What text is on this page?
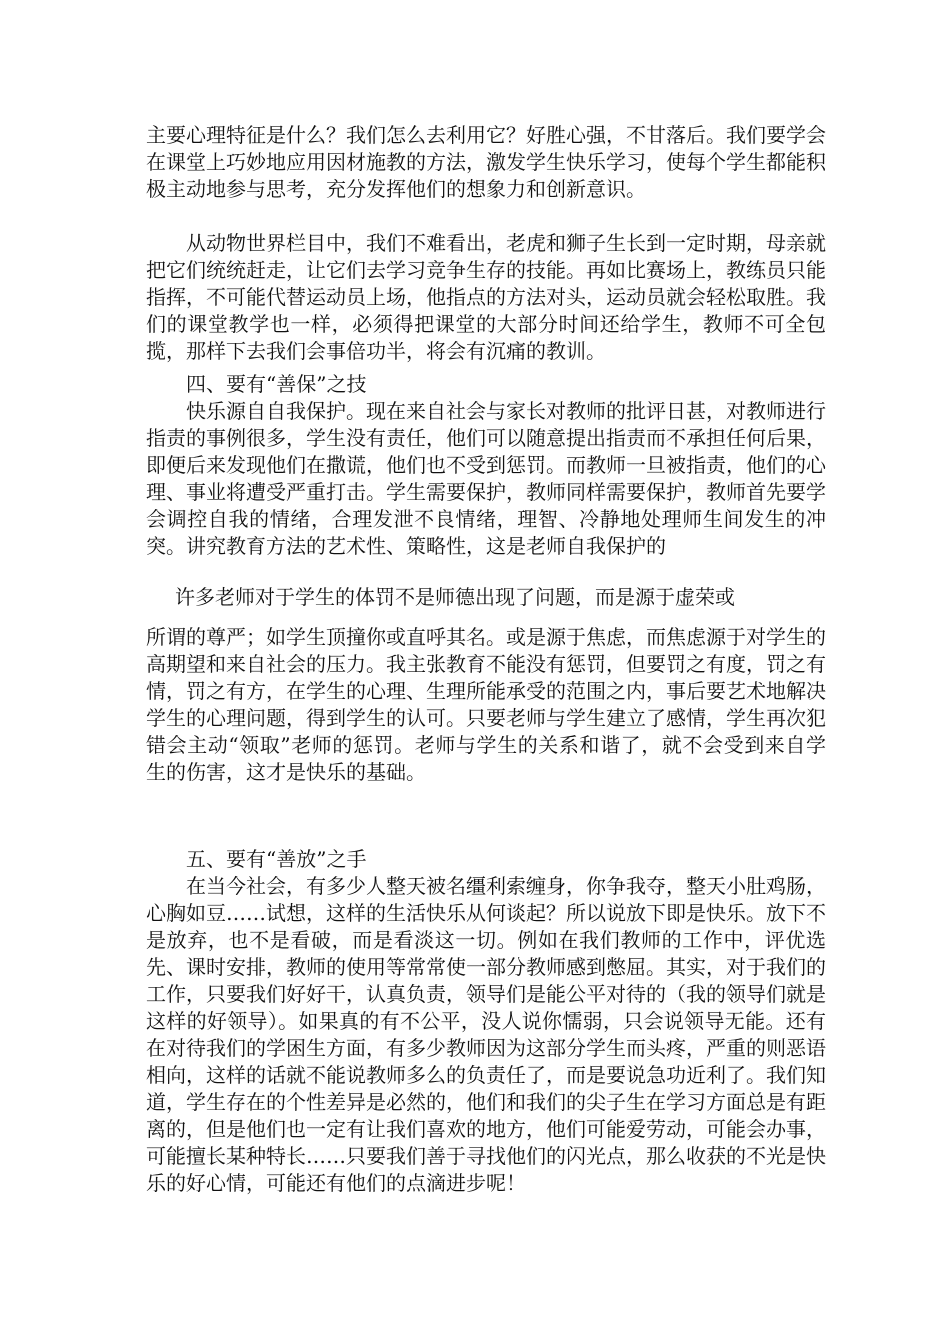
主要心理特征是什么？我们怎么去利用它？好胜心强，不甘落后。我们要学会在课堂上巧妙地应用因材施教的方法，激发学生快乐学习，使每个学生都能积极主动地参与思考，充分发挥他们的想象力和创新意识。

从动物世界栏目中，我们不难看出，老虎和狮子生长到一定时期，母亲就把它们统统赶走，让它们去学习竞争生存的技能。再如比赛场上，教练员只能指挥，不可能代替运动员上场，他指点的方法对头，运动员就会轻松取胜。我们的课堂教学也一样，必须得把课堂的大部分时间还给学生，教师不可全包揽，那样下去我们会事倍功半，将会有沉痛的教训。

四、要有“善保”之技

快乐源自自我保护。现在来自社会与家长对教师的批评日甚，对教师进行指责的事例很多，学生没有责任，他们可以随意提出指责而不承担任何后果，即便后来发现他们在撒谎，他们也不受到惩罚。而教师一旦被指责，他们的心理、事业将遭受严重打击。学生需要保护，教师同样需要保护，教师首先要学会调控自我的情绪，合理发泄不良情绪，理智、冷静地处理师生间发生的冲突。讲究教育方法的艺术性、策略性，这是老师自我保护的

许多老师对于学生的体罚不是师德出现了问题，而是源于虚荣或

所谓的尊严；如学生顶撞你或直呼其名。或是源于焦虑，而焦虑源于对学生的高期望和来自社会的压力。我主张教育不能没有惩罚，但要罚之有度，罚之有情，罚之有方，在学生的心理、生理所能承受的范围之内，事后要艺术地解决学生的心理问题，得到学生的认可。只要老师与学生建立了感情，学生再次犯错会主动“领取”老师的惩罚。老师与学生的关系和谐了，就不会受到来自学生的伤害，这才是快乐的基础。

五、要有“善放”之手

在当今社会，有多少人整天被名缰利索缠身，你争我夺，整天小肚鸡肠，心胸如豆……试想，这样的生活快乐从何谈起？所以说放下即是快乐。放下不是放弃，也不是看破，而是看淡这一切。例如在我们教师的工作中，评优选先、课时安排，教师的使用等常常使一部分教师感到憋屈。其实，对于我们的工作，只要我们好好干，认真负责，领导们是能公平对待的（我的领导们就是这样的好领导）。如果真的有不公平，没人说你懦弱，只会说领导无能。还有在对待我们的学困生方面，有多少教师因为这部分学生而头疼，严重的则恶语相向，这样的话就不能说教师多么的负责任了，而是要说急功近利了。我们知道，学生存在的个性差异是必然的，他们和我们的尖子生在学习方面总是有距离的，但是他们也一定有让我们喜欢的地方，他们可能爱劳动，可能会办事，可能擅长某种特长……只要我们善于寻找他们的闪光点，那么收获的不光是快乐的好心情，可能还有他们的点滴进步呢！
